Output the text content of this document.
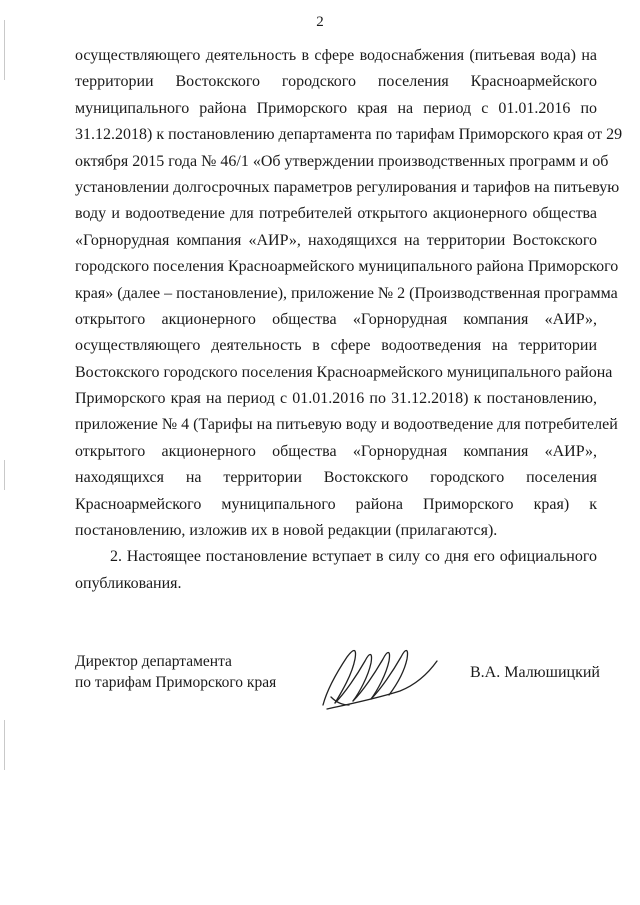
2
осуществляющего деятельность в сфере водоснабжения (питьевая вода) на
территории Востокского городского поселения Красноармейского
муниципального района Приморского края на период с 01.01.2016 по
31.12.2018) к постановлению департамента по тарифам Приморского края от 29
октября 2015 года № 46/1 «Об утверждении производственных программ и об
установлении долгосрочных параметров регулирования и тарифов на питьевую
воду и водоотведение для потребителей открытого акционерного общества
«Горнорудная компания «АИР», находящихся на территории Востокского
городского поселения Красноармейского муниципального района Приморского
края» (далее – постановление), приложение № 2 (Производственная программа
открытого акционерного общества «Горнорудная компания «АИР»,
осуществляющего деятельность в сфере водоотведения на территории
Востокского городского поселения Красноармейского муниципального района
Приморского края на период с 01.01.2016 по 31.12.2018) к постановлению,
приложение № 4 (Тарифы на питьевую воду и водоотведение для потребителей
открытого акционерного общества «Горнорудная компания «АИР»,
находящихся на территории Востокского городского поселения
Красноармейского муниципального района Приморского края) к
постановлению, изложив их в новой редакции (прилагаются).
2. Настоящее постановление вступает в силу со дня его официального
опубликования.
Директор департамента
по тарифам Приморского края
В.А. Малюшицкий
